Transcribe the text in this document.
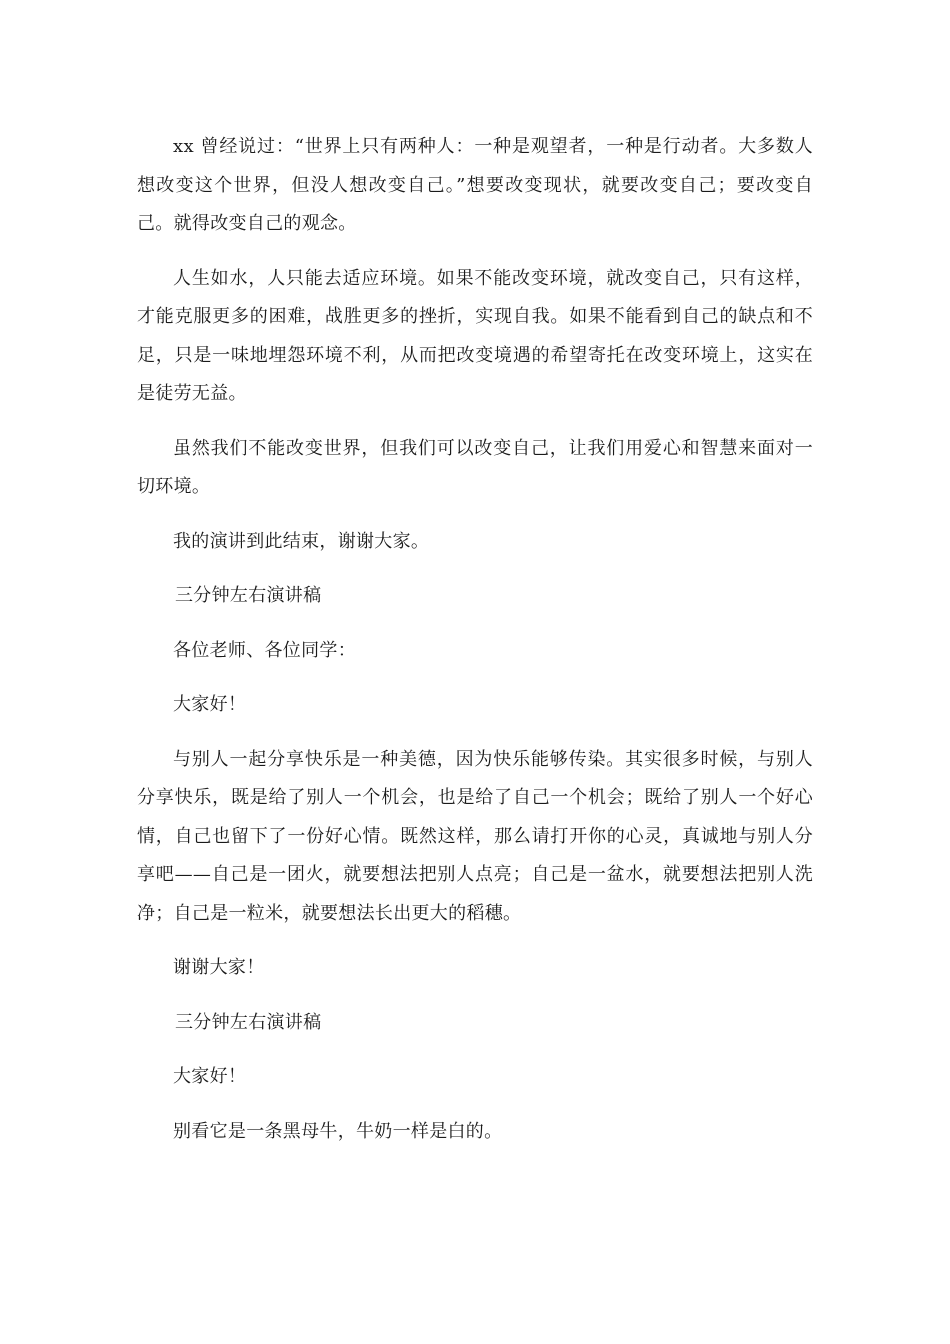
xx 曾经说过：“世界上只有两种人：一种是观望者，一种是行动者。大多数人想改变这个世界，但没人想改变自己。”想要改变现状，就要改变自己；要改变自己。就得改变自己的观念。

人生如水，人只能去适应环境。如果不能改变环境，就改变自己，只有这样，才能克服更多的困难，战胜更多的挫折，实现自我。如果不能看到自己的缺点和不足，只是一味地埋怨环境不利，从而把改变境遇的希望寄托在改变环境上，这实在是徒劳无益。

虽然我们不能改变世界，但我们可以改变自己，让我们用爱心和智慧来面对一切环境。

我的演讲到此结束，谢谢大家。

三分钟左右演讲稿

各位老师、各位同学：

大家好！

与别人一起分享快乐是一种美德，因为快乐能够传染。其实很多时候，与别人分享快乐，既是给了别人一个机会，也是给了自己一个机会；既给了别人一个好心情，自己也留下了一份好心情。既然这样，那么请打开你的心灵，真诚地与别人分享吧——自己是一团火，就要想法把别人点亮；自己是一盆水，就要想法把别人洗净；自己是一粒米，就要想法长出更大的稻穗。

谢谢大家！

三分钟左右演讲稿

大家好！

别看它是一条黑母牛，牛奶一样是白的。
